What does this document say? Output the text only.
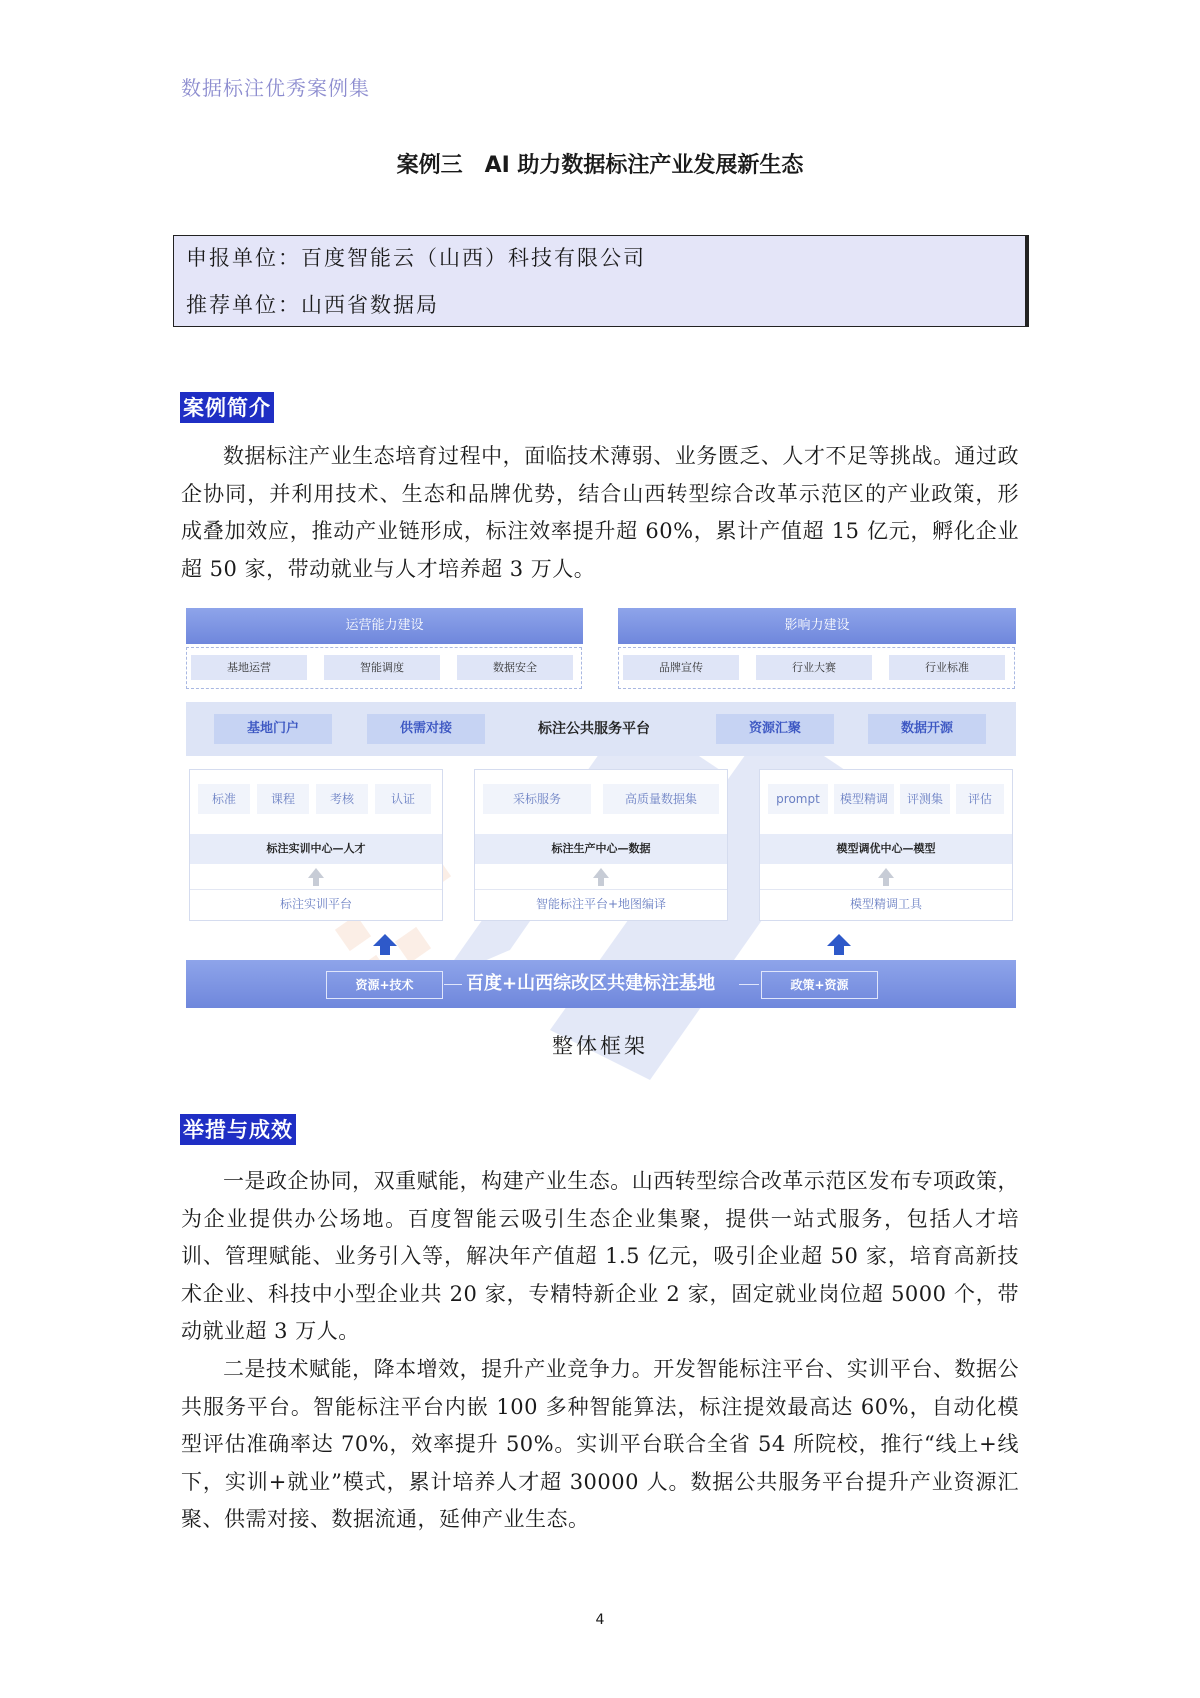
数据标注优秀案例集
案例三　AI 助力数据标注产业发展新生态
申报单位：百度智能云（山西）科技有限公司
推荐单位：山西省数据局
案例简介

数据标注产业生态培育过程中，面临技术薄弱、业务匮乏、人才不足等挑战。通过政企协同，并利用技术、生态和品牌优势，结合山西转型综合改革示范区的产业政策，形成叠加效应，推动产业链形成，标注效率提升超 60%，累计产值超 15 亿元，孵化企业超 50 家，带动就业与人才培养超 3 万人。

运营能力建设
基地运营	智能调度	数据安全
影响力建设
品牌宣传	行业大赛	行业标准
基地门户	供需对接	标注公共服务平台	资源汇聚	数据开源
标准	课程	考核	认证
标注实训中心—人才
标注实训平台
采标服务	高质量数据集
标注生产中心—数据
智能标注平台+地图编译
prompt	模型精调	评测集	评估
模型调优中心—模型
模型精调工具
资源+技术	百度+山西综改区共建标注基地	政策+资源
整体框架
举措与成效

一是政企协同，双重赋能，构建产业生态。山西转型综合改革示范区发布专项政策，为企业提供办公场地。百度智能云吸引生态企业集聚，提供一站式服务，包括人才培训、管理赋能、业务引入等，解决年产值超 1.5 亿元，吸引企业超 50 家，培育高新技术企业、科技中小型企业共 20 家，专精特新企业 2 家，固定就业岗位超 5000 个，带动就业超 3 万人。

二是技术赋能，降本增效，提升产业竞争力。开发智能标注平台、实训平台、数据公共服务平台。智能标注平台内嵌 100 多种智能算法，标注提效最高达 60%，自动化模型评估准确率达 70%，效率提升 50%。实训平台联合全省 54 所院校，推行“线上+线下，实训+就业”模式，累计培养人才超 30000 人。数据公共服务平台提升产业资源汇聚、供需对接、数据流通，延伸产业生态。

4
